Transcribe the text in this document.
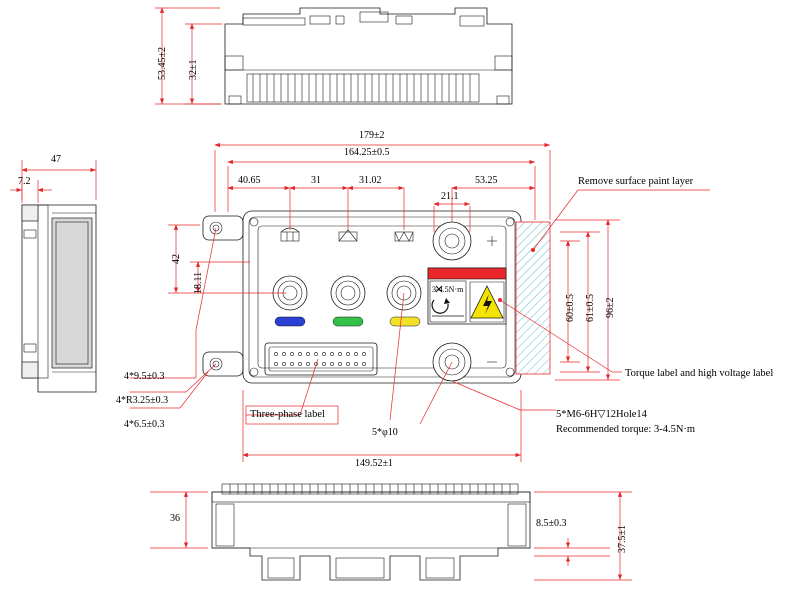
53.45±2 32±1
47
7.2
179±2
164.25±0.5
40.65	31	31.02	53.25
21.1
42
18.11
60±0.5 61±0.5 96±2
149.52±1
4*9.5±0.3
4*R3.25±0.3
4*6.5±0.3
5*φ10
Remove surface paint layer
Torque label and high voltage label
Three-phase label	5*M6-6H▽12Hole14
Recommended torque: 3-4.5N·m
3-4.5N·m
36	8.5±0.3
37.5±1
